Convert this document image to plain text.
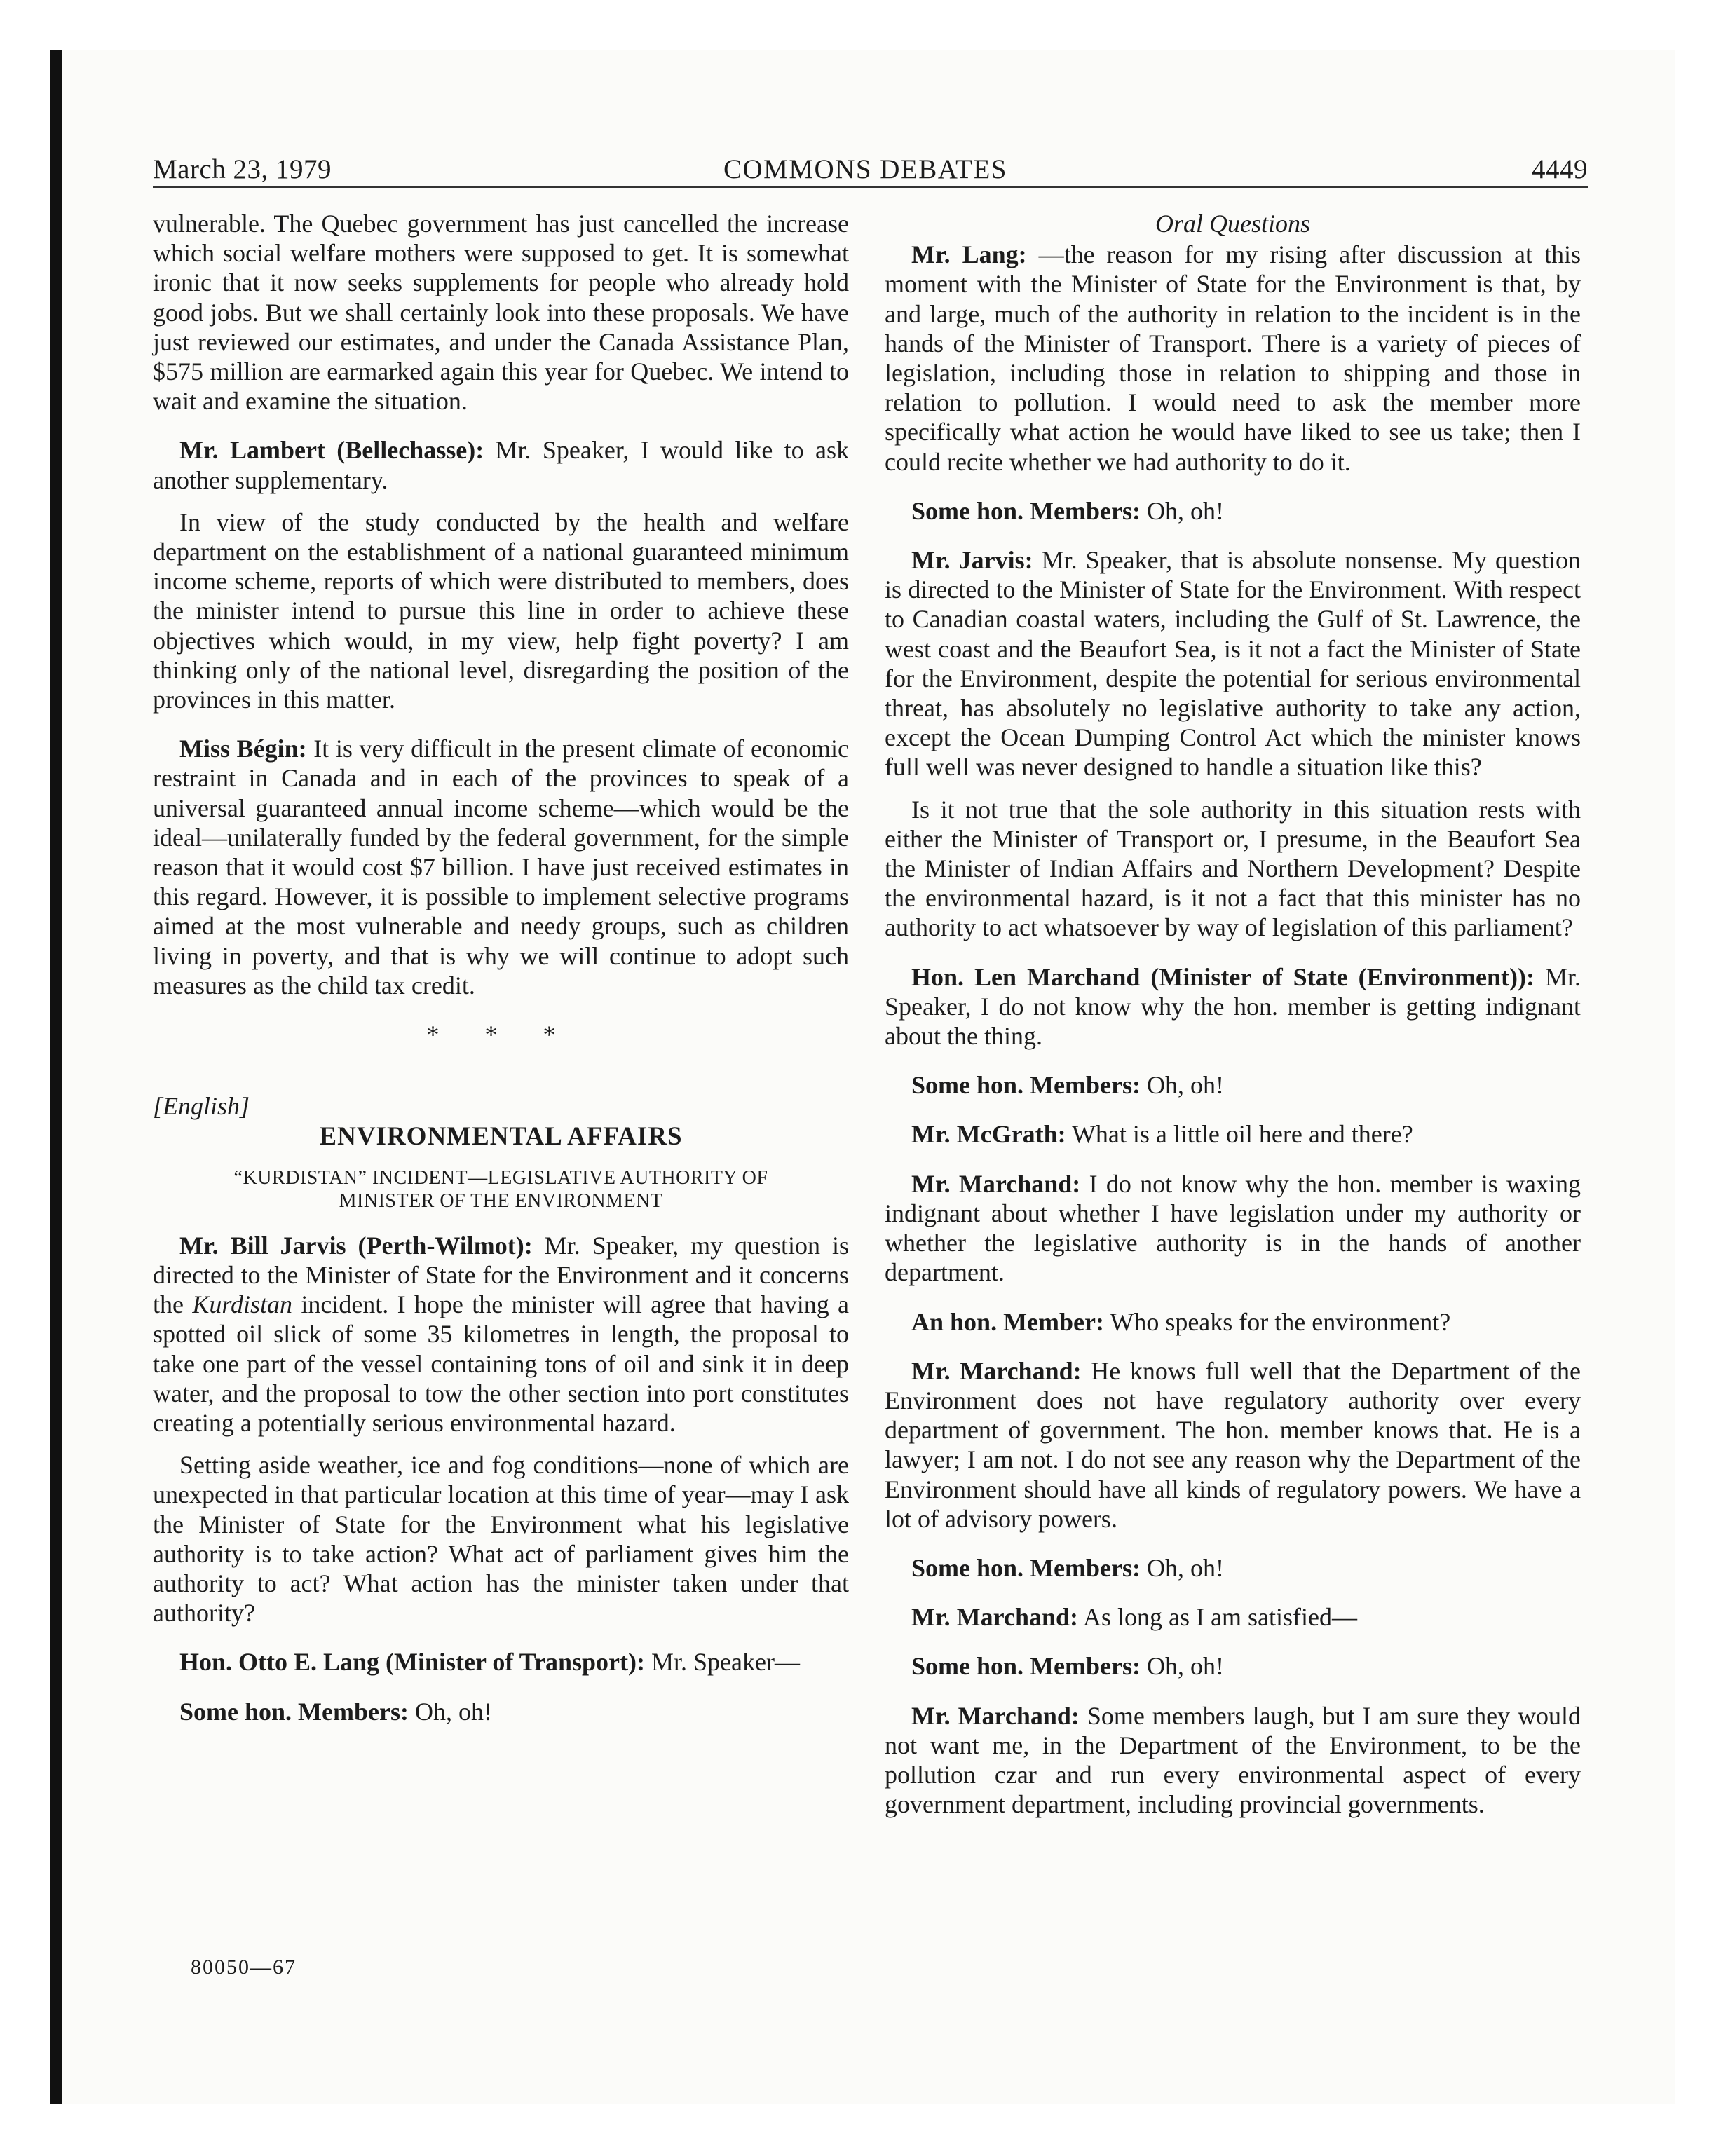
March 23, 1979	COMMONS DEBATES	4449

vulnerable. The Quebec government has just cancelled the increase which social welfare mothers were supposed to get. It is somewhat ironic that it now seeks supplements for people who already hold good jobs. But we shall certainly look into these proposals. We have just reviewed our estimates, and under the Canada Assistance Plan, $575 million are earmarked again this year for Quebec. We intend to wait and examine the situation.

Mr. Lambert (Bellechasse): Mr. Speaker, I would like to ask another supplementary.

In view of the study conducted by the health and welfare department on the establishment of a national guaranteed minimum income scheme, reports of which were distributed to members, does the minister intend to pursue this line in order to achieve these objectives which would, in my view, help fight poverty? I am thinking only of the national level, disregarding the position of the provinces in this matter.

Miss Bégin: It is very difficult in the present climate of economic restraint in Canada and in each of the provinces to speak of a universal guaranteed annual income scheme—which would be the ideal—unilaterally funded by the federal government, for the simple reason that it would cost $7 billion. I have just received estimates in this regard. However, it is possible to implement selective programs aimed at the most vulnerable and needy groups, such as children living in poverty, and that is why we will continue to adopt such measures as the child tax credit.

* * *
[English]
ENVIRONMENTAL AFFAIRS
“KURDISTAN” INCIDENT—LEGISLATIVE AUTHORITY OF
MINISTER OF THE ENVIRONMENT

Mr. Bill Jarvis (Perth-Wilmot): Mr. Speaker, my question is directed to the Minister of State for the Environment and it concerns the Kurdistan incident. I hope the minister will agree that having a spotted oil slick of some 35 kilometres in length, the proposal to take one part of the vessel containing tons of oil and sink it in deep water, and the proposal to tow the other section into port constitutes creating a potentially serious environmental hazard.

Setting aside weather, ice and fog conditions—none of which are unexpected in that particular location at this time of year—may I ask the Minister of State for the Environment what his legislative authority is to take action? What act of parliament gives him the authority to act? What action has the minister taken under that authority?

Hon. Otto E. Lang (Minister of Transport): Mr. Speaker—

Some hon. Members: Oh, oh!

Oral Questions

Mr. Lang: —the reason for my rising after discussion at this moment with the Minister of State for the Environment is that, by and large, much of the authority in relation to the incident is in the hands of the Minister of Transport. There is a variety of pieces of legislation, including those in relation to shipping and those in relation to pollution. I would need to ask the member more specifically what action he would have liked to see us take; then I could recite whether we had authority to do it.

Some hon. Members: Oh, oh!

Mr. Jarvis: Mr. Speaker, that is absolute nonsense. My question is directed to the Minister of State for the Environment. With respect to Canadian coastal waters, including the Gulf of St. Lawrence, the west coast and the Beaufort Sea, is it not a fact the Minister of State for the Environment, despite the potential for serious environmental threat, has absolutely no legislative authority to take any action, except the Ocean Dumping Control Act which the minister knows full well was never designed to handle a situation like this?

Is it not true that the sole authority in this situation rests with either the Minister of Transport or, I presume, in the Beaufort Sea the Minister of Indian Affairs and Northern Development? Despite the environmental hazard, is it not a fact that this minister has no authority to act whatsoever by way of legislation of this parliament?

Hon. Len Marchand (Minister of State (Environment)): Mr. Speaker, I do not know why the hon. member is getting indignant about the thing.

Some hon. Members: Oh, oh!

Mr. McGrath: What is a little oil here and there?

Mr. Marchand: I do not know why the hon. member is waxing indignant about whether I have legislation under my authority or whether the legislative authority is in the hands of another department.

An hon. Member: Who speaks for the environment?

Mr. Marchand: He knows full well that the Department of the Environment does not have regulatory authority over every department of government. The hon. member knows that. He is a lawyer; I am not. I do not see any reason why the Department of the Environment should have all kinds of regulatory powers. We have a lot of advisory powers.

Some hon. Members: Oh, oh!

Mr. Marchand: As long as I am satisfied—

Some hon. Members: Oh, oh!

Mr. Marchand: Some members laugh, but I am sure they would not want me, in the Department of the Environment, to be the pollution czar and run every environmental aspect of every government department, including provincial governments.

80050—67
